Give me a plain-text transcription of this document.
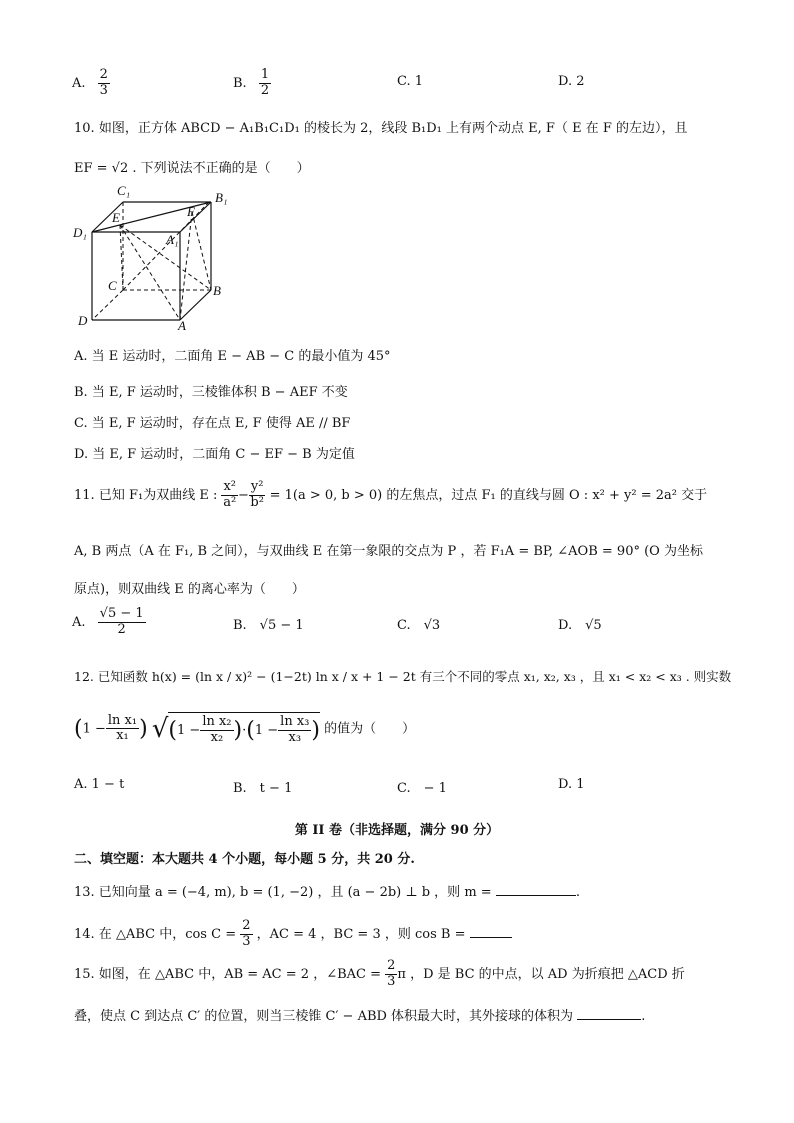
A. $\frac{2}{3}$	B. $\frac{1}{2}$	C. 1	D. 2
10. 如图，正方体 ABCD − A₁B₁C₁D₁ 的棱长为 2，线段 B₁D₁ 上有两个动点 E, F（ E 在 F 的左边），且
EF = √2 . 下列说法不正确的是（　　）
C₁	B₁
D₁	A₁
E	F
C	B
D	A
A. 当 E 运动时，二面角 E − AB − C 的最小值为 45°
B. 当 E, F 运动时，三棱锥体积 B − AEF 不变
C. 当 E, F 运动时，存在点 E, F 使得 AE // BF
D. 当 E, F 运动时，二面角 C − EF − B 为定值
11. 已知 F₁为双曲线 E : $\frac{\text{x²}}{\text{a²}} - \frac{\text{y²}}{\text{b²}} = 1(a > 0$, b > 0) 的左焦点，过点 F₁ 的直线与圆 O : x² + y² = 2a² 交于
A, B 两点（A 在 F₁, B 之间），与双曲线 E 在第一象限的交点为 P ，若 F₁A = BP, ∠AOB = 90° (O 为坐标
原点)，则双曲线 E 的离心率为（　　）
A. $\frac{√5 - 1}{2}$	B.　√5 − 1	C.　√3	D.　√5
12. 已知函数 h(x) = (ln x / x)² − (1−2t) ln x / x + 1 − 2t 有三个不同的零点 x₁, x₂, x₃ ，且 x₁ < x₂ < x₃ . 则实数
($1 - \frac{\text{ln x₁}}{\text{x₁}}$ ) $√(1 - \frac{\text{ln x₂}}{\text{x₂}} )\cdot(1 - \frac{\text{ln x₃}}{\text{x₃}}$ ) 的值为（　　）
A. 1 − t	B.　t − 1	C.　− 1	D. 1
第 II 卷（非选择题，满分 90 分）
二、填空题：本大题共 4 个小题，每小题 5 分，共 20 分.
13. 已知向量 a = (−4, m), b = (1, −2) ，且 (a − 2b) ⊥ b ，则 m =	.
14. 在 △ABC 中，$\cos C = \frac{2}{3}$ ，AC = 4 ，BC = 3 ，则 cos B =
15. 如图，在 △ABC 中，AB = AC = 2 ，∠BAC = $\frac{2}{3}$ π ，D 是 BC 的中点，以 AD 为折痕把 △ACD 折
叠，使点 C 到达点 C′ 的位置，则当三棱锥 C′ − ABD 体积最大时，其外接球的体积为	.
